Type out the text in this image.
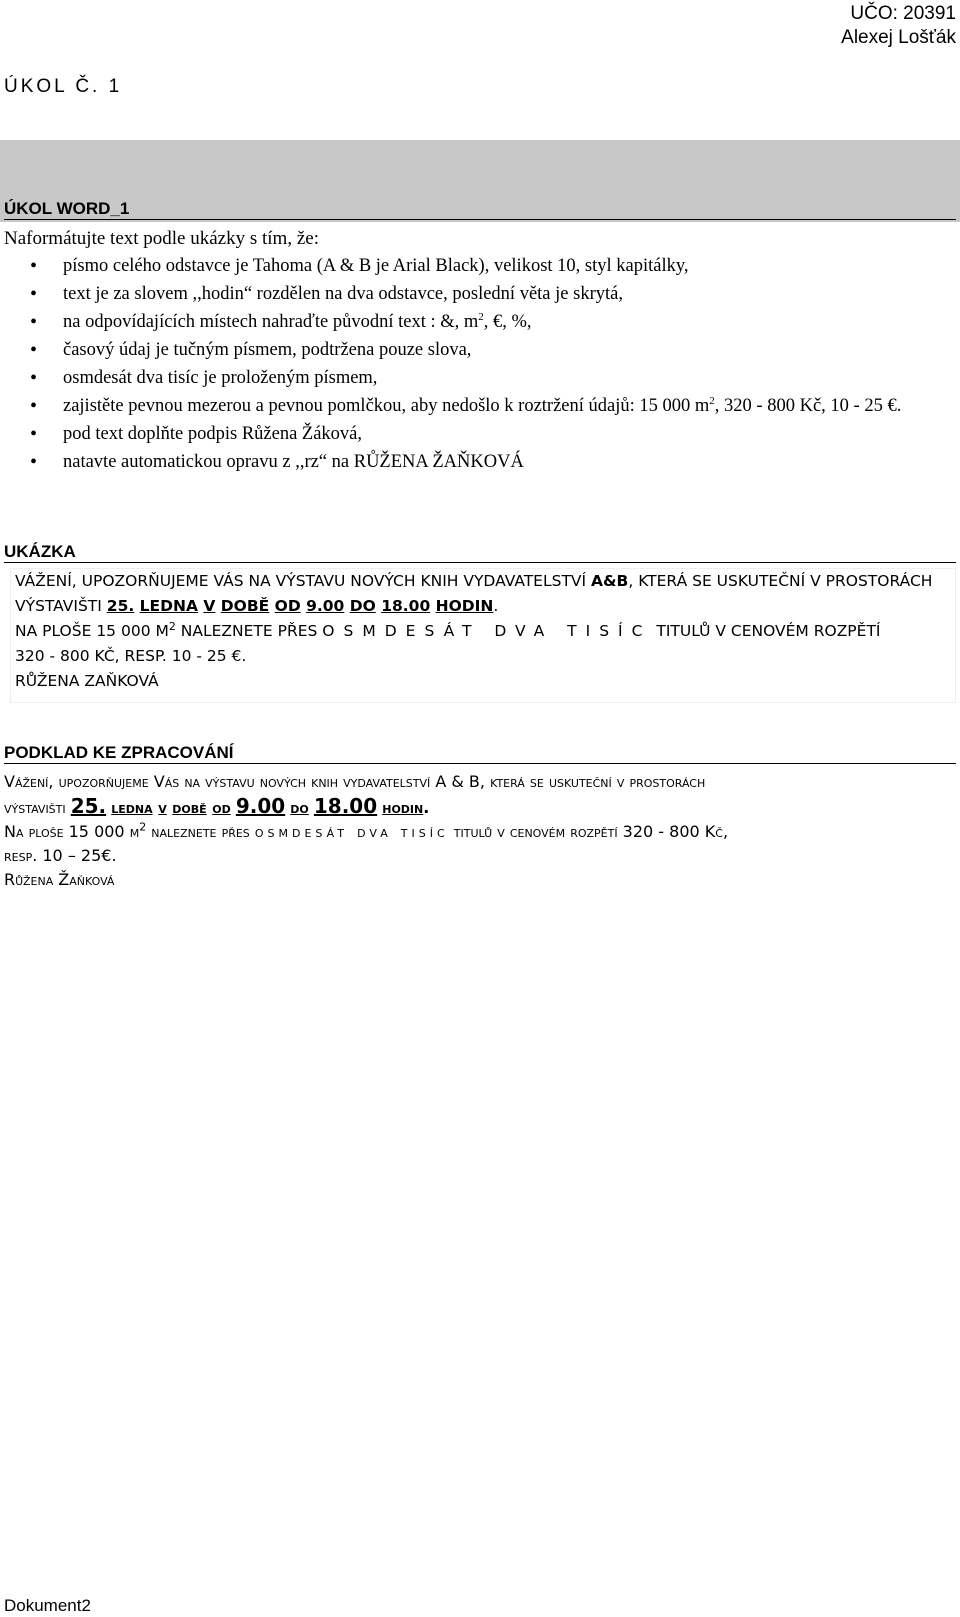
UČO: 20391
Alexej Lošťák
ÚKOL Č. 1
ÚKOL WORD_1
Naformátujte text podle ukázky s tím, že:
• písmo celého odstavce je Tahoma (A & B je Arial Black), velikost 10, styl kapitálky,
• text je za slovem ,,hodin“ rozdělen na dva odstavce, poslední věta je skrytá,
• na odpovídajících místech nahraďte původní text : &, $m^2$, €, %,
• časový údaj je tučným písmem, podtržena pouze slova,
• osmdesát dva tisíc je proloženým písmem,
• zajistěte pevnou mezerou a pevnou pomlčkou, aby nedošlo k roztržení údajů: 15 000 $m^2$, 320 - 800 Kč, 10 - 25 €.
• pod text doplňte podpis Růžena Žáková,
• natavte automatickou opravu z ,,rz“ na RŮŽENA ŽAŇKOVÁ
UKÁZKA
VÁŽENÍ, UPOZORŇUJEME VÁS NA VÝSTAVU NOVÝCH KNIH VYDAVATELSTVÍ A&B, KTERÁ SE USKUTEČNÍ V PROSTORÁCH
VÝSTAVIŠTI 25. LEDNA V DOBĚ OD 9.00 DO 18.00 HODIN.
NA PLOŠE 15 000 $M^2$ NALEZNETE PŘES OSMDESÁT DVA TISÍC TITULŮ V CENOVÉM ROZPĚTÍ
320 - 800 KČ, RESP. 10 - 25 €.
RŮŽENA ZAŇKOVÁ
PODKLAD KE ZPRACOVÁNÍ
Vážení, upozorňujeme Vás na výstavu nových knih vydavatelství A & B, která se uskuteční v prostorách
výstavišti 25. ledna v době od 9.00 do 18.00 hodin.
Na ploše 15 000 $m^2$ naleznete přes osmdesát dva tisíc titulů v cenovém rozpětí 320 - 800 Kč,
resp. 10 – 25€.
Růžena Žaňková
Dokument2
